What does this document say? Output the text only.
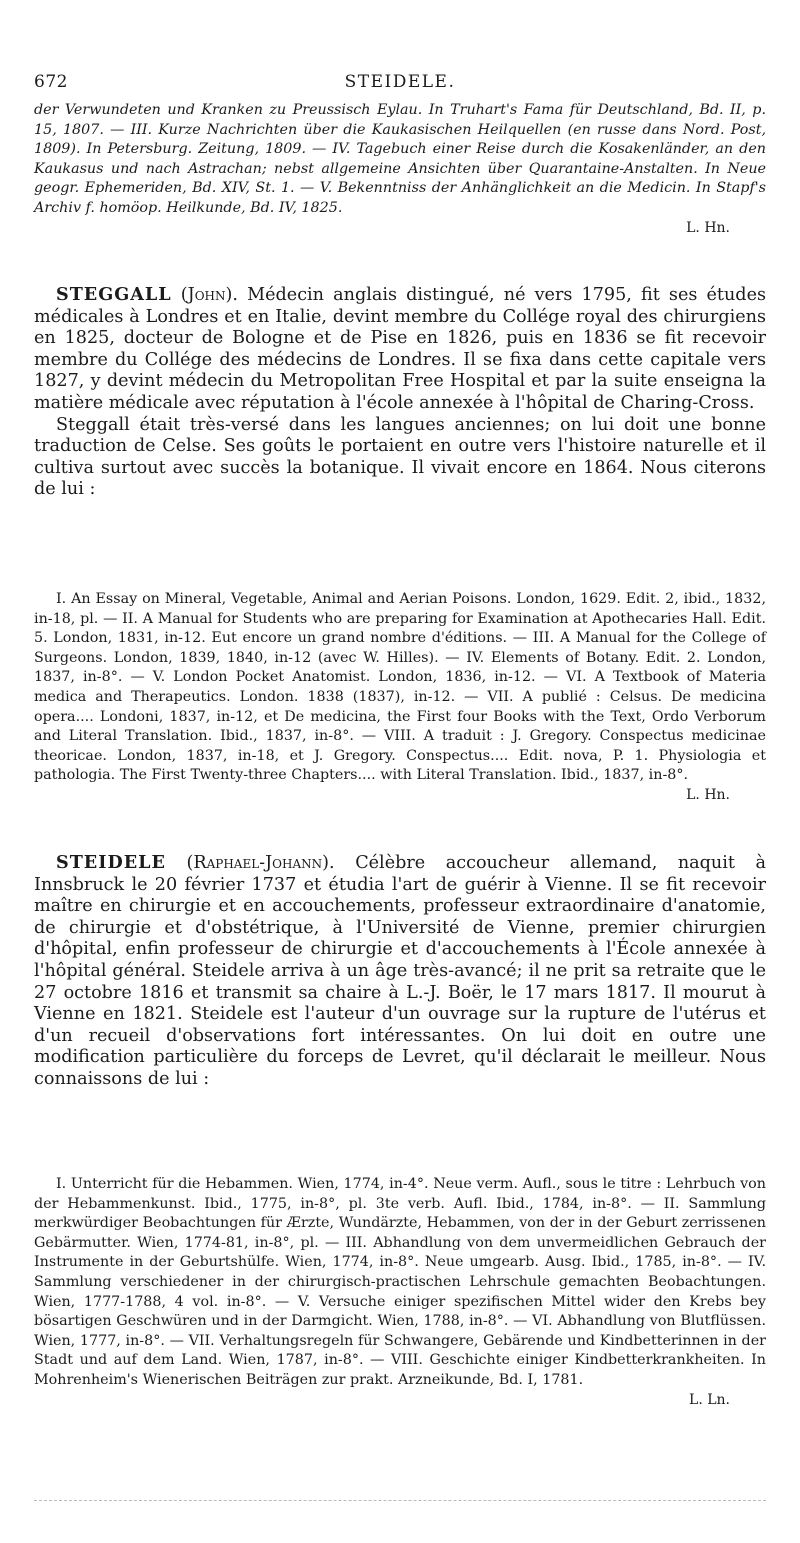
672	STEIDELE.

der Verwundeten und Kranken zu Preussisch Eylau. In Truhart's Fama für Deutschland, Bd. II, p. 15, 1807. — III. Kurze Nachrichten über die Kaukasischen Heilquellen (en russe dans Nord. Post, 1809). In Petersburg. Zeitung, 1809. — IV. Tagebuch einer Reise durch die Kosakenländer, an den Kaukasus und nach Astrachan; nebst allgemeine Ansichten über Quarantaine-Anstalten. In Neue geogr. Ephemeriden, Bd. XIV, St. 1. — V. Bekenntniss der Anhänglichkeit an die Medicin. In Stapf's Archiv f. homöop. Heilkunde, Bd. IV, 1825.

L. Hn.

STEGGALL (John). Médecin anglais distingué, né vers 1795, fit ses études médicales à Londres et en Italie, devint membre du Collége royal des chirurgiens en 1825, docteur de Bologne et de Pise en 1826, puis en 1836 se fit recevoir membre du Collége des médecins de Londres. Il se fixa dans cette capitale vers 1827, y devint médecin du Metropolitan Free Hospital et par la suite enseigna la matière médicale avec réputation à l'école annexée à l'hôpital de Charing-Cross.

Steggall était très-versé dans les langues anciennes; on lui doit une bonne traduction de Celse. Ses goûts le portaient en outre vers l'histoire naturelle et il cultiva surtout avec succès la botanique. Il vivait encore en 1864. Nous citerons de lui :

I. An Essay on Mineral, Vegetable, Animal and Aerian Poisons. London, 1629. Edit. 2, ibid., 1832, in-18, pl. — II. A Manual for Students who are preparing for Examination at Apothecaries Hall. Edit. 5. London, 1831, in-12. Eut encore un grand nombre d'éditions. — III. A Manual for the College of Surgeons. London, 1839, 1840, in-12 (avec W. Hilles). — IV. Elements of Botany. Edit. 2. London, 1837, in-8°. — V. London Pocket Anatomist. London, 1836, in-12. — VI. A Textbook of Materia medica and Therapeutics. London. 1838 (1837), in-12. — VII. A publié : Celsus. De medicina opera.... Londoni, 1837, in-12, et De medicina, the First four Books with the Text, Ordo Verborum and Literal Translation. Ibid., 1837, in-8°. — VIII. A traduit : J. Gregory. Conspectus medicinae theoricae. London, 1837, in-18, et J. Gregory. Conspectus.... Edit. nova, P. 1. Physiologia et pathologia. The First Twenty-three Chapters.... with Literal Translation. Ibid., 1837, in-8°.

L. Hn.

STEIDELE (Raphael-Johann). Célèbre accoucheur allemand, naquit à Innsbruck le 20 février 1737 et étudia l'art de guérir à Vienne. Il se fit recevoir maître en chirurgie et en accouchements, professeur extraordinaire d'anatomie, de chirurgie et d'obstétrique, à l'Université de Vienne, premier chirurgien d'hôpital, enfin professeur de chirurgie et d'accouchements à l'École annexée à l'hôpital général. Steidele arriva à un âge très-avancé; il ne prit sa retraite que le 27 octobre 1816 et transmit sa chaire à L.-J. Boër, le 17 mars 1817. Il mourut à Vienne en 1821. Steidele est l'auteur d'un ouvrage sur la rupture de l'utérus et d'un recueil d'observations fort intéressantes. On lui doit en outre une modification particulière du forceps de Levret, qu'il déclarait le meilleur. Nous connaissons de lui :

I. Unterricht für die Hebammen. Wien, 1774, in-4°. Neue verm. Aufl., sous le titre : Lehrbuch von der Hebammenkunst. Ibid., 1775, in-8°, pl. 3te verb. Aufl. Ibid., 1784, in-8°. — II. Sammlung merkwürdiger Beobachtungen für Ærzte, Wundärzte, Hebammen, von der in der Geburt zerrissenen Gebärmutter. Wien, 1774-81, in-8°, pl. — III. Abhandlung von dem unvermeidlichen Gebrauch der Instrumente in der Geburtshülfe. Wien, 1774, in-8°. Neue umgearb. Ausg. Ibid., 1785, in-8°. — IV. Sammlung verschiedener in der chirurgisch-practischen Lehrschule gemachten Beobachtungen. Wien, 1777-1788, 4 vol. in-8°. — V. Versuche einiger spezifischen Mittel wider den Krebs bey bösartigen Geschwüren und in der Darmgicht. Wien, 1788, in-8°. — VI. Abhandlung von Blutflüssen. Wien, 1777, in-8°. — VII. Verhaltungsregeln für Schwangere, Gebärende und Kindbetterinnen in der Stadt und auf dem Land. Wien, 1787, in-8°. — VIII. Geschichte einiger Kindbetterkrankheiten. In Mohrenheim's Wienerischen Beiträgen zur prakt. Arzneikunde, Bd. I, 1781.

L. Ln.
